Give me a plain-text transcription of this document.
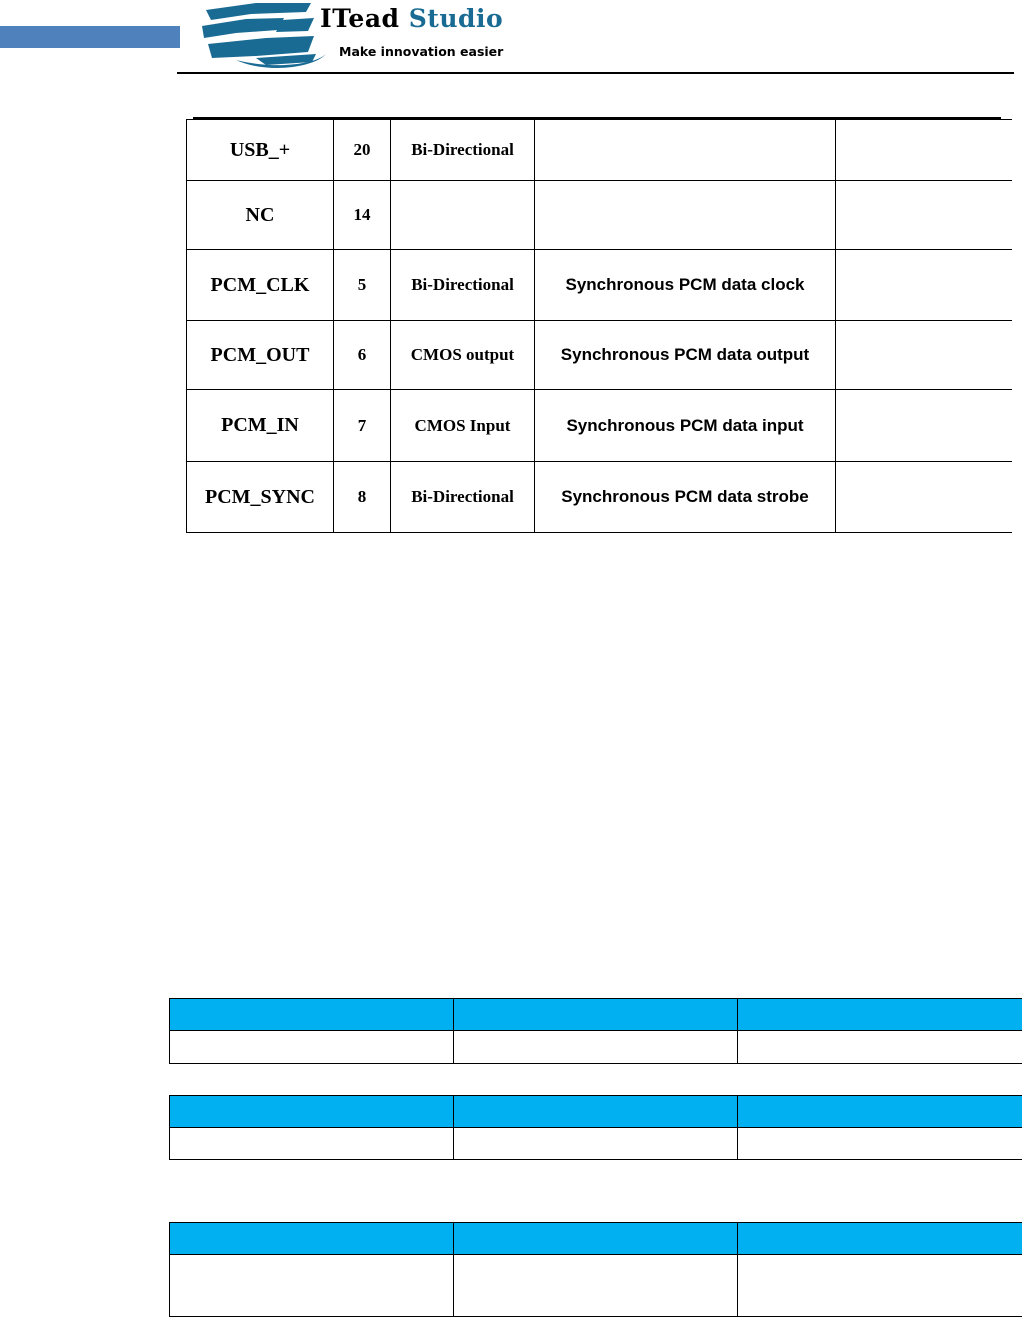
ITead Studio
Make innovation easier
USB_+	20	Bi-Directional		
NC	14			
PCM_CLK	5	Bi-Directional	Synchronous PCM data clock	
PCM_OUT	6	CMOS output	Synchronous PCM data output	
PCM_IN	7	CMOS Input	Synchronous PCM data input	
PCM_SYNC	8	Bi-Directional	Synchronous PCM data strobe	
